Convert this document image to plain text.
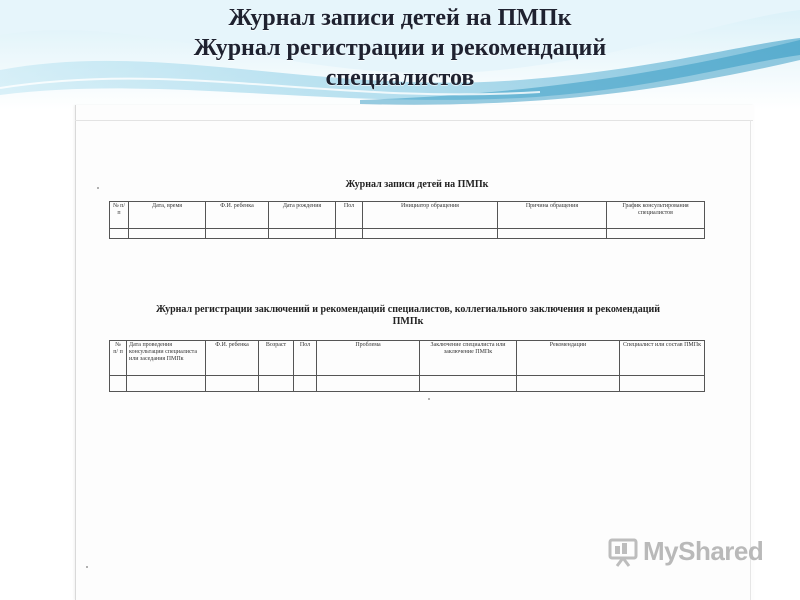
Журнал записи детей на ПМПк
Журнал регистрации и рекомендаций
специалистов
Журнал записи детей на ПМПк
№ п/ п	Дата, время	Ф.И. ребенка	Дата рождения	Пол	Инициатор обращения	Причина обращения	График консультирования специалистов

Журнал регистрации заключений и рекомендаций специалистов, коллегиального заключения и рекомендаций
ПМПк
№ п/ п	Дата проведения консультации специалиста или заседания ПМПк	Ф.И. ребенка	Возраст	Пол	Проблема	Заключение специалиста или заключение ПМПк	Рекомендации	Специалист или состав ПМПк

MyShared
